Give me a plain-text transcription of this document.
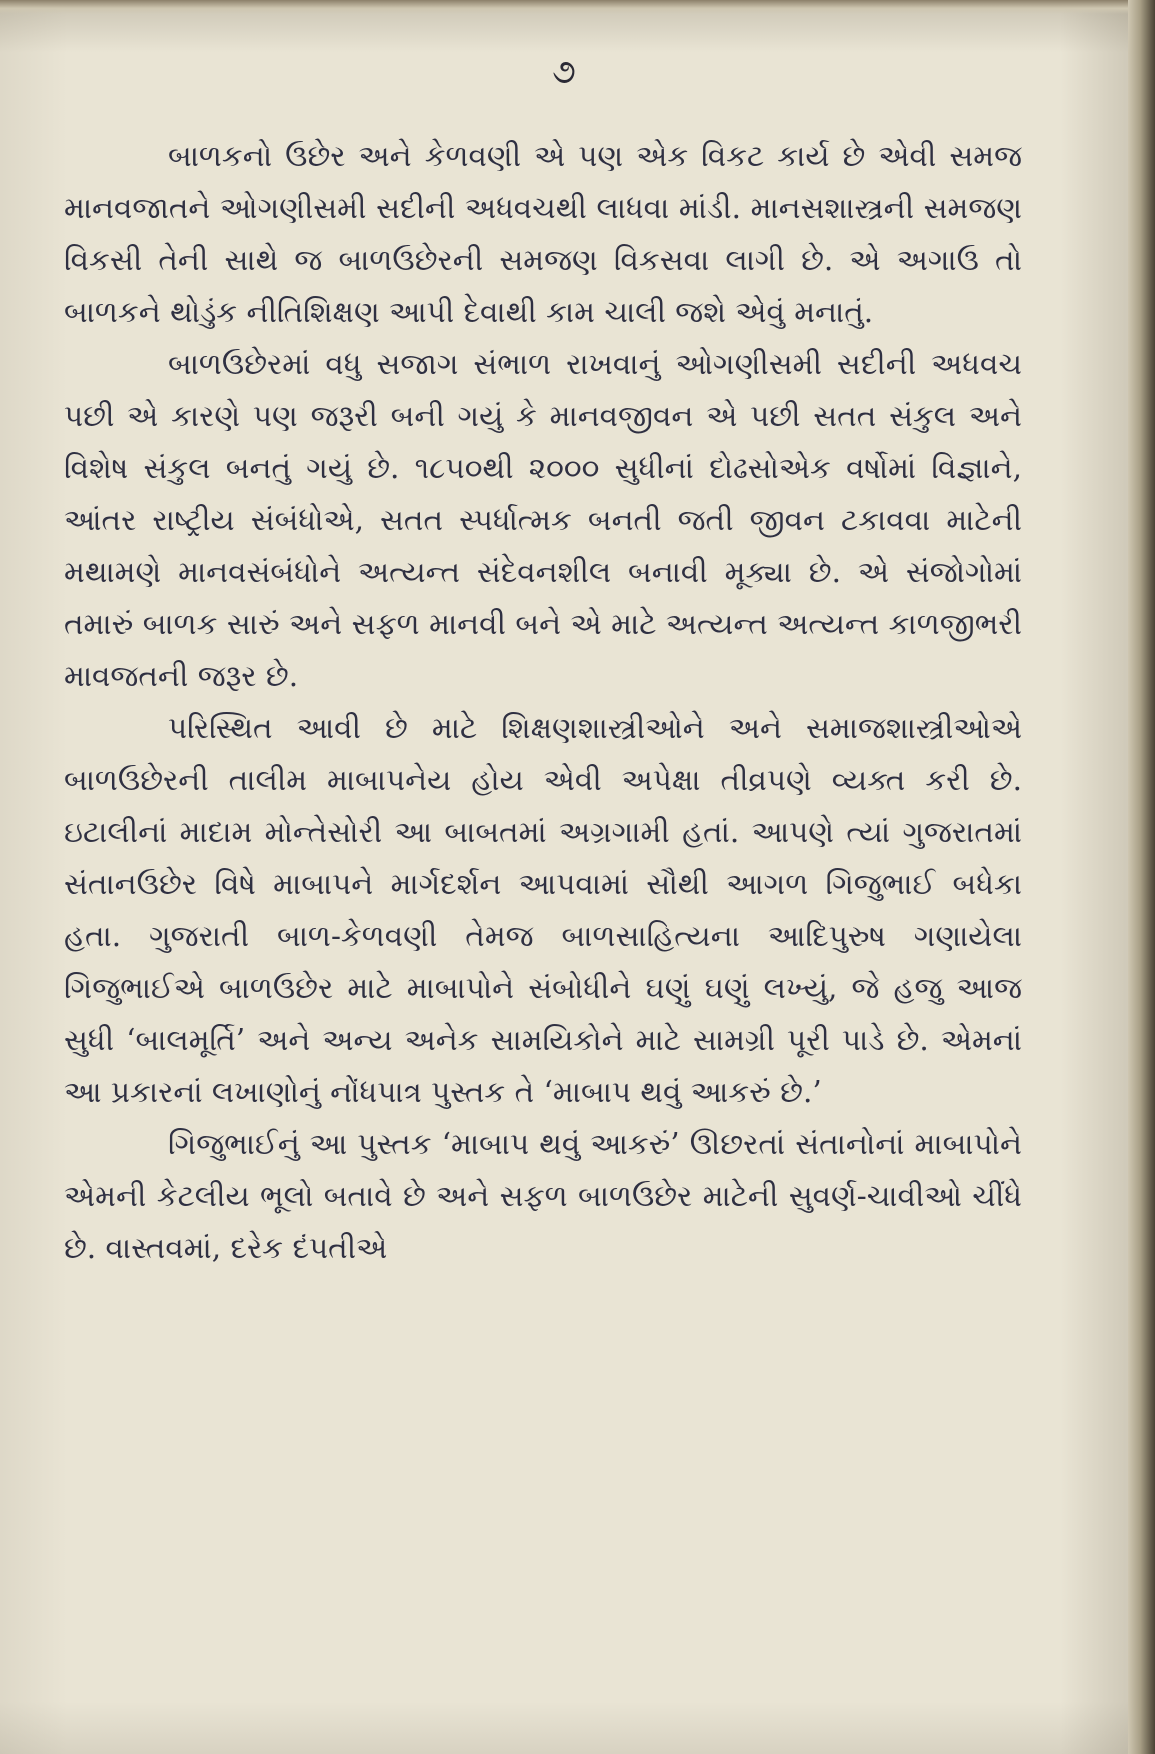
૭

બાળકનો ઉછેર અને કેળવણી એ પણ એક વિકટ કાર્ય છે એવી સમજ માનવજાતને ઓગણીસમી સદીની અધવચથી લાધવા માંડી. માનસશાસ્ત્રની સમજણ વિકસી તેની સાથે જ બાળઉછેરની સમજણ વિકસવા લાગી છે. એ અગાઉ તો બાળકને થોડુંક નીતિશિક્ષણ આપી દેવાથી કામ ચાલી જશે એવું મનાતું.

બાળઉછેરમાં વધુ સજાગ સંભાળ રાખવાનું ઓગણીસમી સદીની અધવચ પછી એ કારણે પણ જરૂરી બની ગયું કે માનવજીવન એ પછી સતત સંકુલ અને વિશેષ સંકુલ બનતું ગયું છે. ૧૮૫૦થી ૨૦૦૦ સુધીનાં દોઢસોએક વર્ષોમાં વિજ્ઞાને, આંતર રાષ્ટ્રીય સંબંધોએ, સતત સ્પર્ધાત્મક બનતી જતી જીવન ટકાવવા માટેની મથામણે માનવસંબંધોને અત્યન્ત સંદેવનશીલ બનાવી મૂક્યા છે. એ સંજોગોમાં તમારું બાળક સારું અને સફળ માનવી બને એ માટે અત્યન્ત અત્યન્ત કાળજીભરી માવજતની જરૂર છે.

પરિસ્થિત આવી છે માટે શિક્ષણશાસ્ત્રીઓને અને સમાજશાસ્ત્રીઓએ બાળઉછેરની તાલીમ માબાપનેય હોય એવી અપેક્ષા તીવ્રપણે વ્યક્ત કરી છે. ઇટાલીનાં માદામ મોન્તેસોરી આ બાબતમાં અગ્રગામી હતાં. આપણે ત્યાં ગુજરાતમાં સંતાનઉછેર વિષે માબાપને માર્ગદર્શન આપવામાં સૌથી આગળ ગિજુભાઈ બધેકા હતા. ગુજરાતી બાળ-કેળવણી તેમજ બાળસાહિત્યના આદિપુરુષ ગણાયેલા ગિજુભાઈએ બાળઉછેર માટે માબાપોને સંબોધીને ઘણું ઘણું લખ્યું, જે હજુ આજ સુધી ‘બાલમૂર્તિ’ અને અન્ય અનેક સામયિકોને માટે સામગ્રી પૂરી પાડે છે. એમનાં આ પ્રકારનાં લખાણોનું નોંધપાત્ર પુસ્તક તે ‘માબાપ થવું આકરું છે.’

ગિજુભાઈનું આ પુસ્તક ‘માબાપ થવું આકરું’ ઊછરતાં સંતાનોનાં માબાપોને એમની કેટલીય ભૂલો બતાવે છે અને સફળ બાળઉછેર માટેની સુવર્ણ-ચાવીઓ ચીંધે છે. વાસ્તવમાં, દરેક દંપતીએ
